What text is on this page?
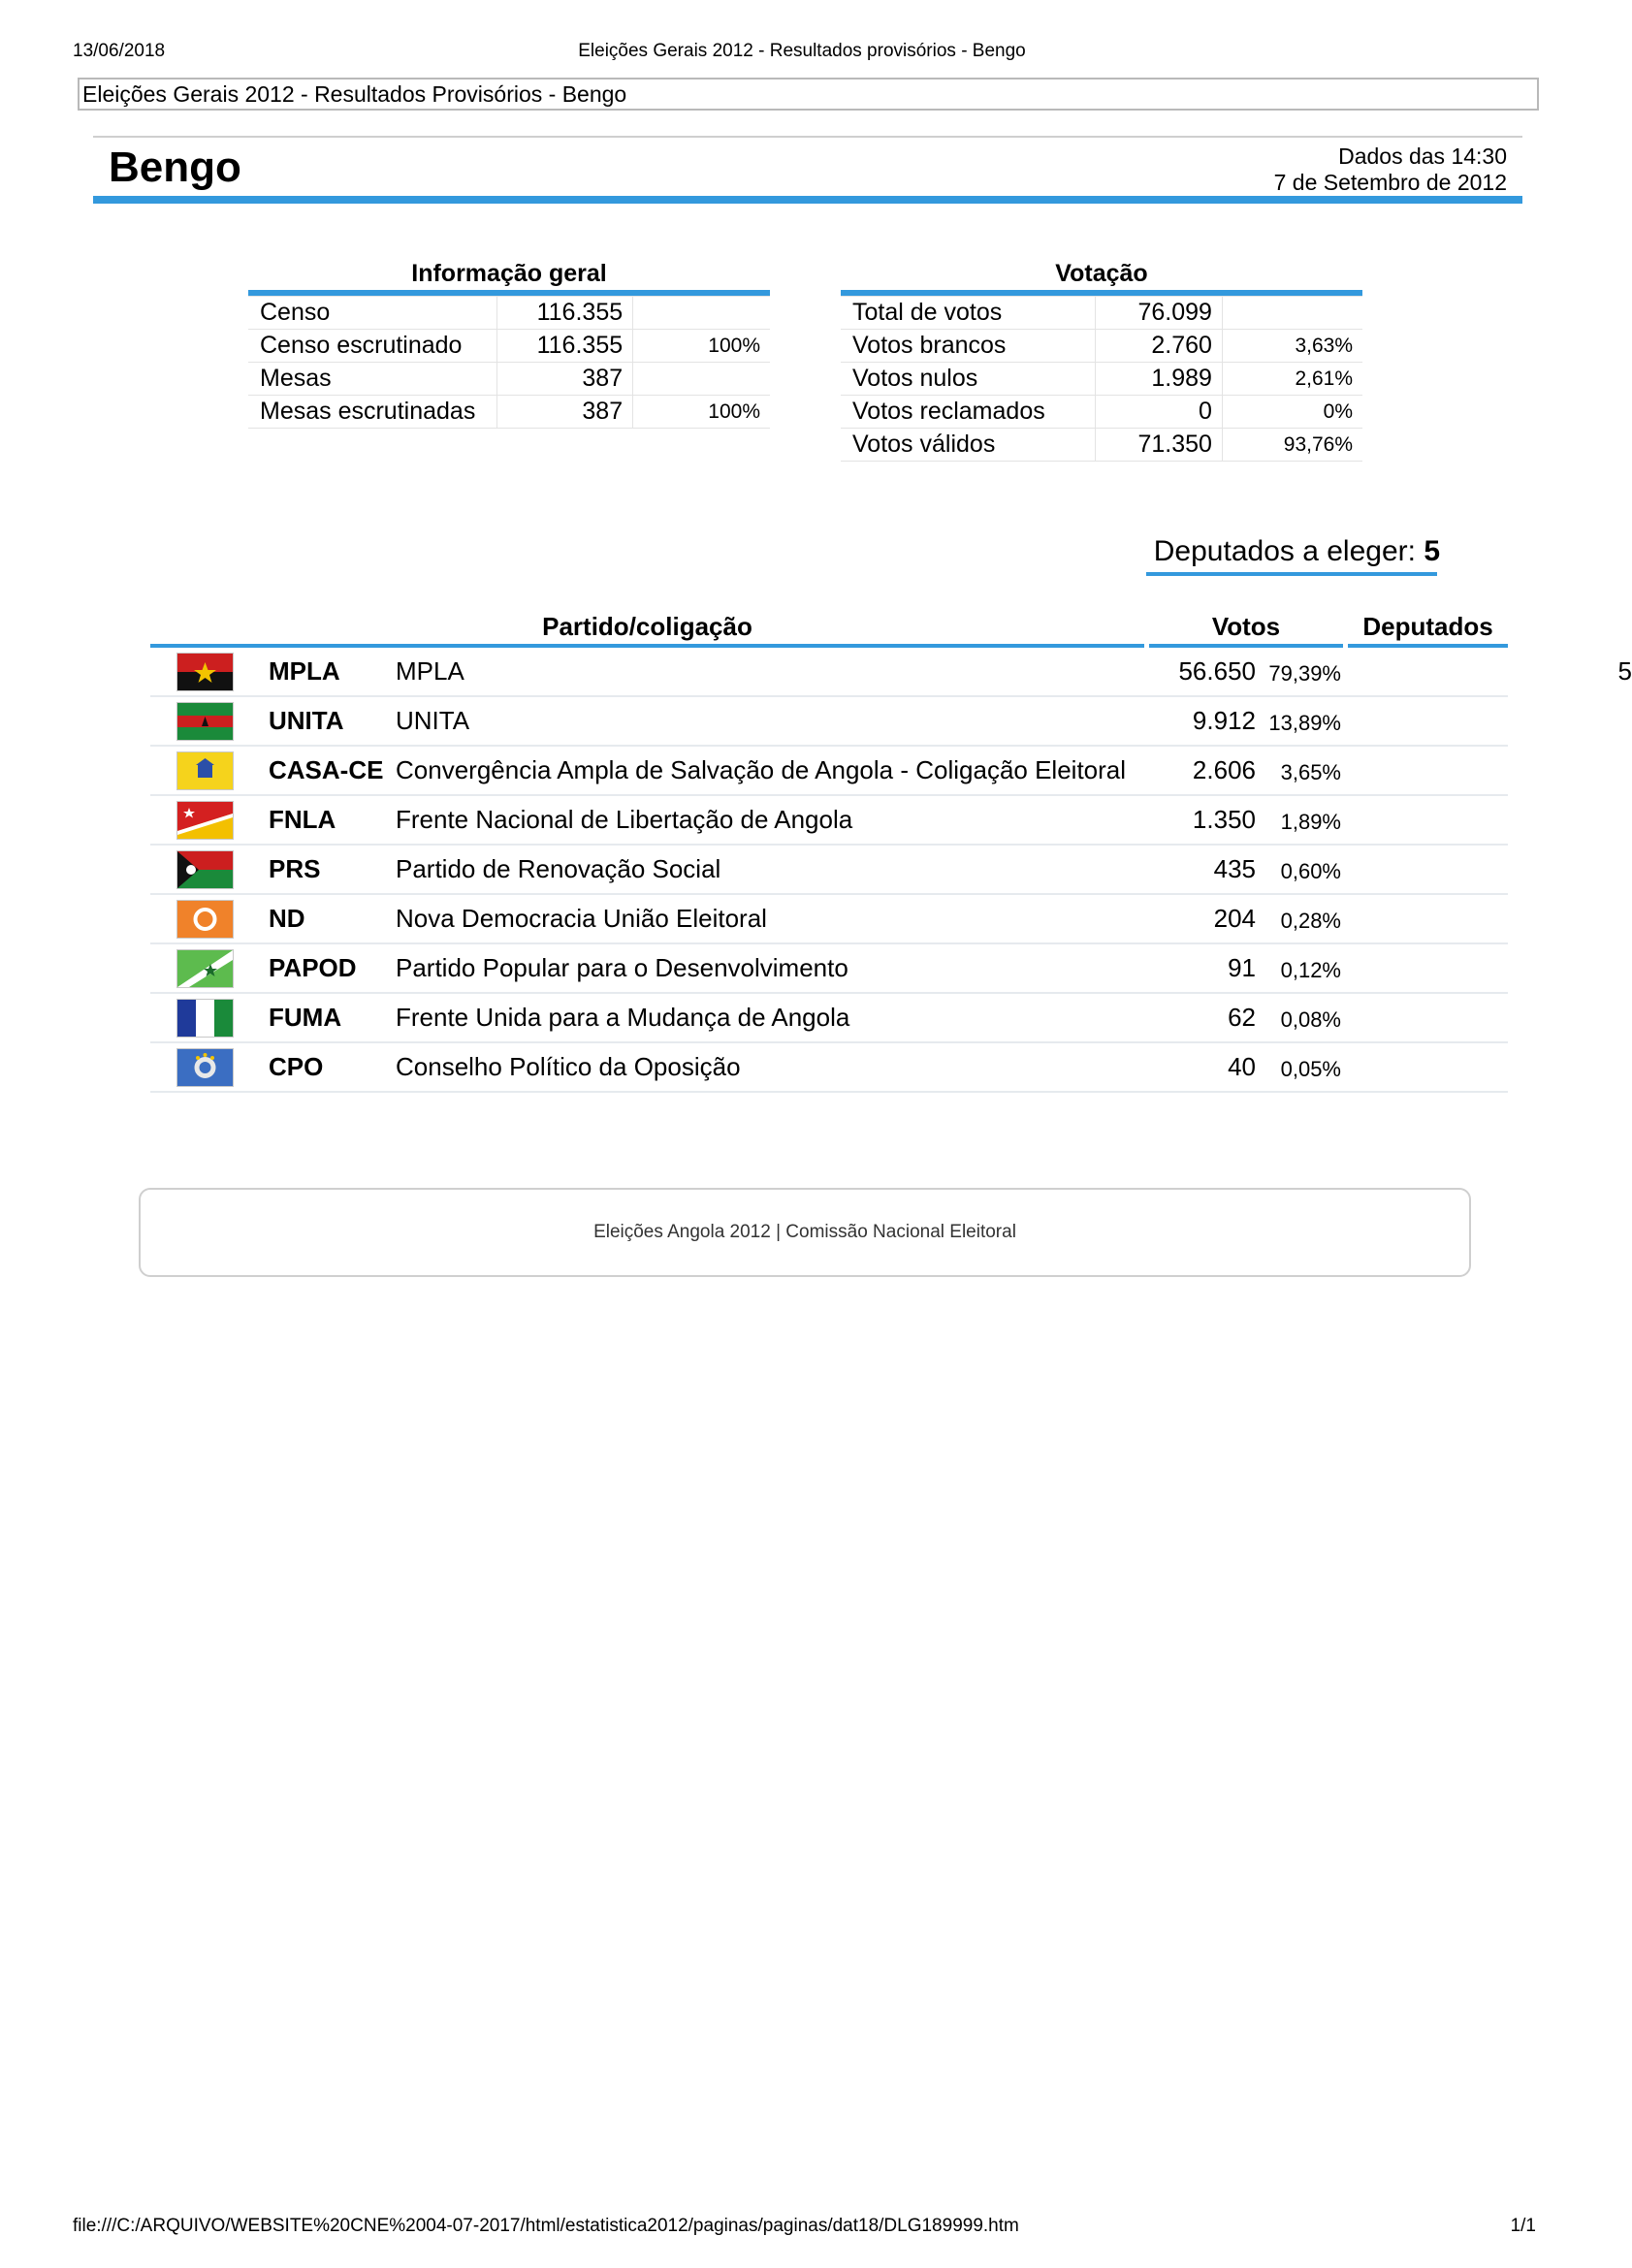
13/06/2018	Eleições Gerais 2012 - Resultados provisórios - Bengo
Eleições Gerais 2012 - Resultados Provisórios - Bengo
Bengo	Dados das 14:30
7 de Setembro de 2012
Informação geral

Censo	116.355	
Censo escrutinado	116.355	100%
Mesas	387	
Mesas escrutinadas	387	100%
Votação

Total de votos	76.099	
Votos brancos	2.760	3,63%
Votos nulos	1.989	2,61%
Votos reclamados	0	0%
Votos válidos	71.350	93,76%
Deputados a eleger: 5
Partido/coligação	Votos	Deputados
MPLA MPLA	56.650 79,39%	5
UNITA UNITA	9.912 13,89%
CASA-CE Convergência Ampla de Salvação de Angola - Coligação Eleitoral	2.606	3,65%
FNLA Frente Nacional de Libertação de Angola	1.350	1,89%
PRS	Partido de Renovação Social	435	0,60%
ND	Nova Democracia União Eleitoral	204	0,28%
PAPOD Partido Popular para o Desenvolvimento	91	0,12%
FUMA Frente Unida para a Mudança de Angola	62	0,08%
CPO	Conselho Político da Oposição	40	0,05%
Eleições Angola 2012 | Comissão Nacional Eleitoral
file:///C:/ARQUIVO/WEBSITE%20CNE%2004-07-2017/html/estatistica2012/paginas/paginas/dat18/DLG189999.htm	1/1
